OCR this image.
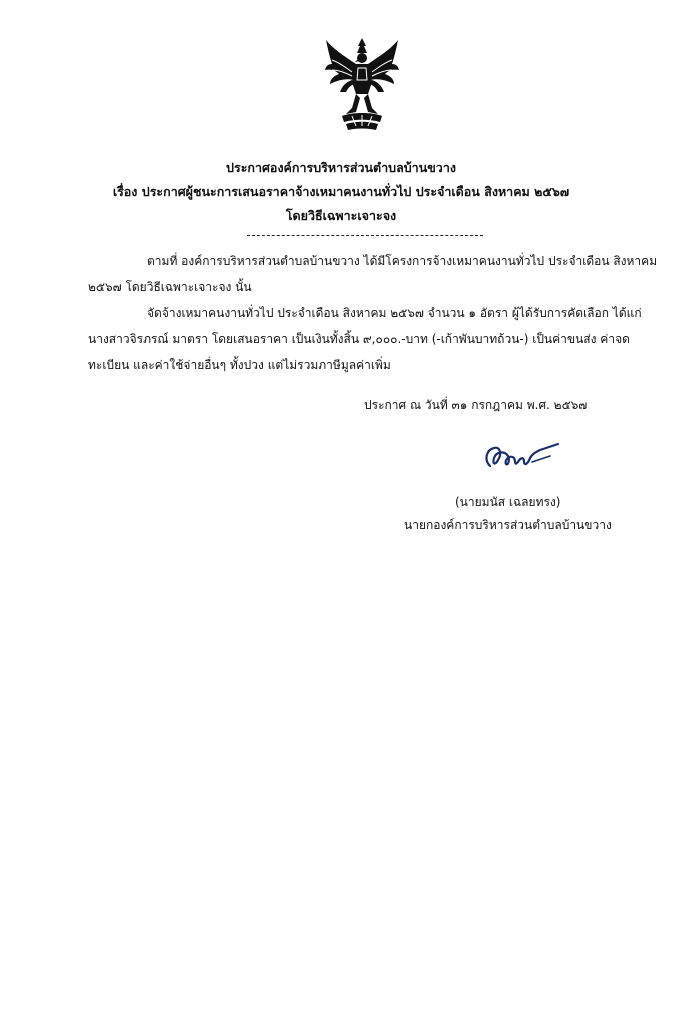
ประกาศองค์การบริหารส่วนตำบลบ้านขวาง
เรื่อง ประกาศผู้ชนะการเสนอราคาจ้างเหมาคนงานทั่วไป ประจำเดือน สิงหาคม ๒๕๖๗
โดยวิธีเฉพาะเจาะจง
ตามที่ องค์การบริหารส่วนตำบลบ้านขวาง ได้มีโครงการจ้างเหมาคนงานทั่วไป ประจำเดือน สิงหาคม
๒๕๖๗ โดยวิธีเฉพาะเจาะจง นั้น
จัดจ้างเหมาคนงานทั่วไป ประจำเดือน สิงหาคม ๒๕๖๗ จำนวน ๑ อัตรา ผู้ได้รับการคัดเลือก ได้แก่
นางสาวจิรภรณ์ มาตรา โดยเสนอราคา เป็นเงินทั้งสิ้น ๙,๐๐๐.-บาท (-เก้าพันบาทถ้วน-) เป็นค่าขนส่ง ค่าจด
ทะเบียน และค่าใช้จ่ายอื่นๆ ทั้งปวง แต่ไม่รวมภาษีมูลค่าเพิ่ม
ประกาศ ณ วันที่ ๓๑ กรกฎาคม พ.ศ. ๒๕๖๗
(นายมนัส เฉลยทรง)
นายกองค์การบริหารส่วนตำบลบ้านขวาง
